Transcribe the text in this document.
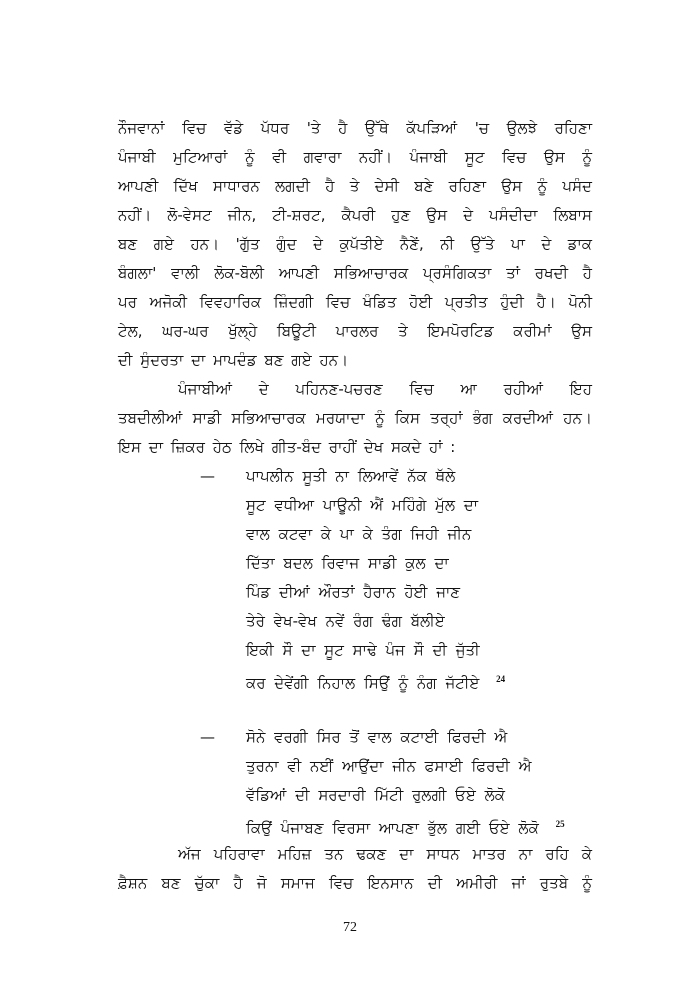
ਨੌਜਵਾਨਾਂ ਵਿਚ ਵੱਡੇ ਪੱਧਰ 'ਤੇ ਹੈ ਉੱਥੇ ਕੱਪੜਿਆਂ 'ਚ ਉਲਝੇ ਰਹਿਣਾ
ਪੰਜਾਬੀ ਮੁਟਿਆਰਾਂ ਨੂੰ ਵੀ ਗਵਾਰਾ ਨਹੀਂ। ਪੰਜਾਬੀ ਸੂਟ ਵਿਚ ਉਸ ਨੂੰ
ਆਪਣੀ ਦਿੱਖ ਸਾਧਾਰਨ ਲਗਦੀ ਹੈ ਤੇ ਦੇਸੀ ਬਣੇ ਰਹਿਣਾ ਉਸ ਨੂੰ ਪਸੰਦ
ਨਹੀਂ। ਲੋ-ਵੇਸਟ ਜੀਨ, ਟੀ-ਸ਼ਰਟ, ਕੈਪਰੀ ਹੁਣ ਉਸ ਦੇ ਪਸੰਦੀਦਾ ਲਿਬਾਸ
ਬਣ ਗਏ ਹਨ। 'ਗੁੱਤ ਗੁੰਦ ਦੇ ਕੁਪੱਤੀਏ ਨੈਣੇਂ, ਨੀ ਉੱਤੇ ਪਾ ਦੇ ਡਾਕ
ਬੰਗਲਾ' ਵਾਲੀ ਲੋਕ-ਬੋਲੀ ਆਪਣੀ ਸਭਿਆਚਾਰਕ ਪ੍ਰਸੰਗਿਕਤਾ ਤਾਂ ਰਖਦੀ ਹੈ
ਪਰ ਅਜੋਕੀ ਵਿਵਹਾਰਿਕ ਜ਼ਿੰਦਗੀ ਵਿਚ ਖੰਡਿਤ ਹੋਈ ਪ੍ਰਤੀਤ ਹੁੰਦੀ ਹੈ। ਪੋਨੀ
ਟੇਲ, ਘਰ-ਘਰ ਖੁੱਲ੍ਹੇ ਬਿਊਟੀ ਪਾਰਲਰ ਤੇ ਇਮਪੋਰਟਿਡ ਕਰੀਮਾਂ ਉਸ
ਦੀ ਸੁੰਦਰਤਾ ਦਾ ਮਾਪਦੰਡ ਬਣ ਗਏ ਹਨ।
ਪੰਜਾਬੀਆਂ ਦੇ ਪਹਿਨਣ-ਪਚਰਣ ਵਿਚ ਆ ਰਹੀਆਂ ਇਹ
ਤਬਦੀਲੀਆਂ ਸਾਡੀ ਸਭਿਆਚਾਰਕ ਮਰਯਾਦਾ ਨੂੰ ਕਿਸ ਤਰ੍ਹਾਂ ਭੰਗ ਕਰਦੀਆਂ ਹਨ।
ਇਸ ਦਾ ਜ਼ਿਕਰ ਹੇਠ ਲਿਖੇ ਗੀਤ-ਬੰਦ ਰਾਹੀਂ ਦੇਖ ਸਕਦੇ ਹਾਂ :
—	ਪਾਪਲੀਨ ਸੂਤੀ ਨਾ ਲਿਆਵੇਂ ਨੱਕ ਥੱਲੇ
ਸੂਟ ਵਧੀਆ ਪਾਊਨੀ ਐਂ ਮਹਿੰਗੇ ਮੁੱਲ ਦਾ
ਵਾਲ ਕਟਵਾ ਕੇ ਪਾ ਕੇ ਤੰਗ ਜਿਹੀ ਜੀਨ
ਦਿੱਤਾ ਬਦਲ ਰਿਵਾਜ ਸਾਡੀ ਕੁਲ ਦਾ
ਪਿੰਡ ਦੀਆਂ ਔਰਤਾਂ ਹੈਰਾਨ ਹੋਈ ਜਾਣ
ਤੇਰੇ ਵੇਖ-ਵੇਖ ਨਵੇਂ ਰੰਗ ਢੰਗ ਬੱਲੀਏ
ਇਕੀ ਸੌ ਦਾ ਸੂਟ ਸਾਢੇ ਪੰਜ ਸੌ ਦੀ ਜੁੱਤੀ
ਕਰ ਦੇਵੇਂਗੀ ਨਿਹਾਲ ਸਿਉਂ ਨੂੰ ਨੰਗ ਜੱਟੀਏ $^{24}$
—	ਸੋਨੇ ਵਰਗੀ ਸਿਰ ਤੋਂ ਵਾਲ ਕਟਾਈ ਫਿਰਦੀ ਐ
ਤੁਰਨਾ ਵੀ ਨਈਂ ਆਉਂਦਾ ਜੀਨ ਫਸਾਈ ਫਿਰਦੀ ਐ
ਵੱਡਿਆਂ ਦੀ ਸਰਦਾਰੀ ਮਿੱਟੀ ਰੁਲਗੀ ਓਏ ਲੋਕੋ
ਕਿਉਂ ਪੰਜਾਬਣ ਵਿਰਸਾ ਆਪਣਾ ਭੁੱਲ ਗਈ ਓਏ ਲੋਕੋ $^{25}$
ਅੱਜ ਪਹਿਰਾਵਾ ਮਹਿਜ਼ ਤਨ ਢਕਣ ਦਾ ਸਾਧਨ ਮਾਤਰ ਨਾ ਰਹਿ ਕੇ
ਫ਼ੈਸ਼ਨ ਬਣ ਚੁੱਕਾ ਹੈ ਜੋ ਸਮਾਜ ਵਿਚ ਇਨਸਾਨ ਦੀ ਅਮੀਰੀ ਜਾਂ ਰੁਤਬੇ ਨੂੰ
72
